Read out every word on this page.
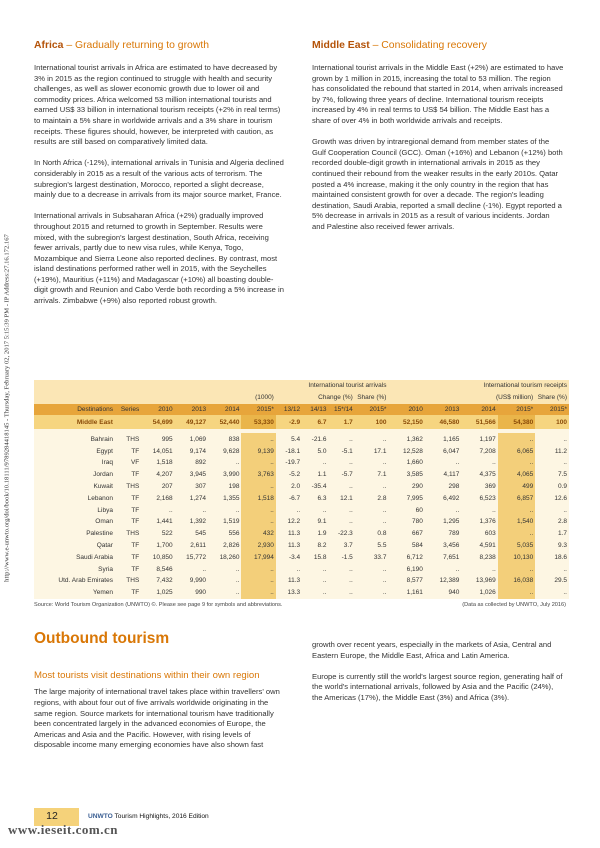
http://www.e-unwto.org/doi/book/10.18111/9789284418145 - Thursday, February 02, 2017 5:15:39 PM - IP Address:27.16.172.167

Africa – Gradually returning to growth

International tourist arrivals in Africa are estimated to have decreased by 3% in 2015 as the region continued to struggle with health and security challenges, as well as slower economic growth due to lower oil and commodity prices. Africa welcomed 53 million international tourists and earned US$ 33 billion in international tourism receipts (+2% in real terms) to maintain a 5% share in worldwide arrivals and a 3% share in tourism receipts. These figures should, however, be interpreted with caution, as results are still based on comparatively limited data.

In North Africa (-12%), international arrivals in Tunisia and Algeria declined considerably in 2015 as a result of the various acts of terrorism. The subregion's largest destination, Morocco, reported a slight decrease, mainly due to a decrease in arrivals from its major source market, France.

International arrivals in Subsaharan Africa (+2%) gradually improved throughout 2015 and returned to growth in September. Results were mixed, with the subregion's largest destination, South Africa, receiving fewer arrivals, partly due to new visa rules, while Kenya, Togo, Mozambique and Sierra Leone also reported declines. By contrast, most island destinations performed rather well in 2015, with the Seychelles (+19%), Mauritius (+11%) and Madagascar (+10%) all boasting double-digit growth and Reunion and Cabo Verde both recording a 5% increase in arrivals. Zimbabwe (+9%) also reported robust growth.

Middle East – Consolidating recovery

International tourist arrivals in the Middle East (+2%) are estimated to have grown by 1 million in 2015, increasing the total to 53 million. The region has consolidated the rebound that started in 2014, when arrivals increased by 7%, following three years of decline. International tourism receipts increased by 4% in real terms to US$ 54 billion. The Middle East has a share of over 4% in both worldwide arrivals and receipts.

Growth was driven by intraregional demand from member states of the Gulf Cooperation Council (GCC). Oman (+16%) and Lebanon (+12%) both recorded double-digit growth in international arrivals in 2015 as they continued their rebound from the weaker results in the early 2010s. Qatar posted a 4% increase, making it the only country in the region that has maintained consistent growth for over a decade. The region's leading destination, Saudi Arabia, reported a small decline (-1%). Egypt reported a 5% decrease in arrivals in 2015 as a result of various incidents. Jordan and Palestine also received fewer arrivals.

		International tourist arrivals								International tourism receipts				
		(1000)				Change (%)			Share (%)	(US$ million)				Share (%)
Destinations	Series	2010	2013	2014	2015*	13/12	14/13	15*/14	2015*	2010	2013	2014	2015*	2015*
Middle East		54,699	49,127	52,440	53,330	-2.9	6.7	1.7	100	52,150	46,580	51,566	54,380	100

Bahrain	THS	995	1,069	838	..	5.4	-21.6	..	..	1,362	1,165	1,197	..	..
Egypt	TF	14,051	9,174	9,628	9,139	-18.1	5.0	-5.1	17.1	12,528	6,047	7,208	6,065	11.2
Iraq	VF	1,518	892	..	..	-19.7	..	..	..	1,660	..	..	..	..
Jordan	TF	4,207	3,945	3,990	3,763	-5.2	1.1	-5.7	7.1	3,585	4,117	4,375	4,065	7.5
Kuwait	THS	207	307	198	..	2.0	-35.4	..	..	290	298	369	499	0.9
Lebanon	TF	2,168	1,274	1,355	1,518	-6.7	6.3	12.1	2.8	7,995	6,492	6,523	6,857	12.6
Libya	TF	..	..	..	..	..	..	..	..	60	..	..	..	..
Oman	TF	1,441	1,392	1,519	..	12.2	9.1	..	..	780	1,295	1,376	1,540	2.8
Palestine	THS	522	545	556	432	11.3	1.9	-22.3	0.8	667	789	603	..	1.7
Qatar	TF	1,700	2,611	2,826	2,930	11.3	8.2	3.7	5.5	584	3,456	4,591	5,035	9.3
Saudi Arabia	TF	10,850	15,772	18,260	17,994	-3.4	15.8	-1.5	33.7	6,712	7,651	8,238	10,130	18.6
Syria	TF	8,546	..	..	..	..	..	..	..	6,190	..	..	..	..
Utd. Arab Emirates	THS	7,432	9,990	..	..	11.3	..	..	..	8,577	12,389	13,969	16,038	29.5
Yemen	TF	1,025	990	..	..	13.3	..	..	..	1,161	940	1,026	..	..
Source: World Tourism Organization (UNWTO) ©. Please see page 9 for symbols and abbreviations.	(Data as collected by UNWTO, July 2016)
Outbound tourism

Most tourists visit destinations within their own region

The large majority of international travel takes place within travellers' own regions, with about four out of five arrivals worldwide originating in the same region. Source markets for international tourism have traditionally been concentrated largely in the advanced economies of Europe, the Americas and Asia and the Pacific. However, with rising levels of disposable income many emerging economies have also shown fast

growth over recent years, especially in the markets of Asia, Central and Eastern Europe, the Middle East, Africa and Latin America.

Europe is currently still the world's largest source region, generating half of the world's international arrivals, followed by Asia and the Pacific (24%), the Americas (17%), the Middle East (3%) and Africa (3%).

12	UNWTO Tourism Highlights, 2016 Edition
www.ieseit.com.cn
